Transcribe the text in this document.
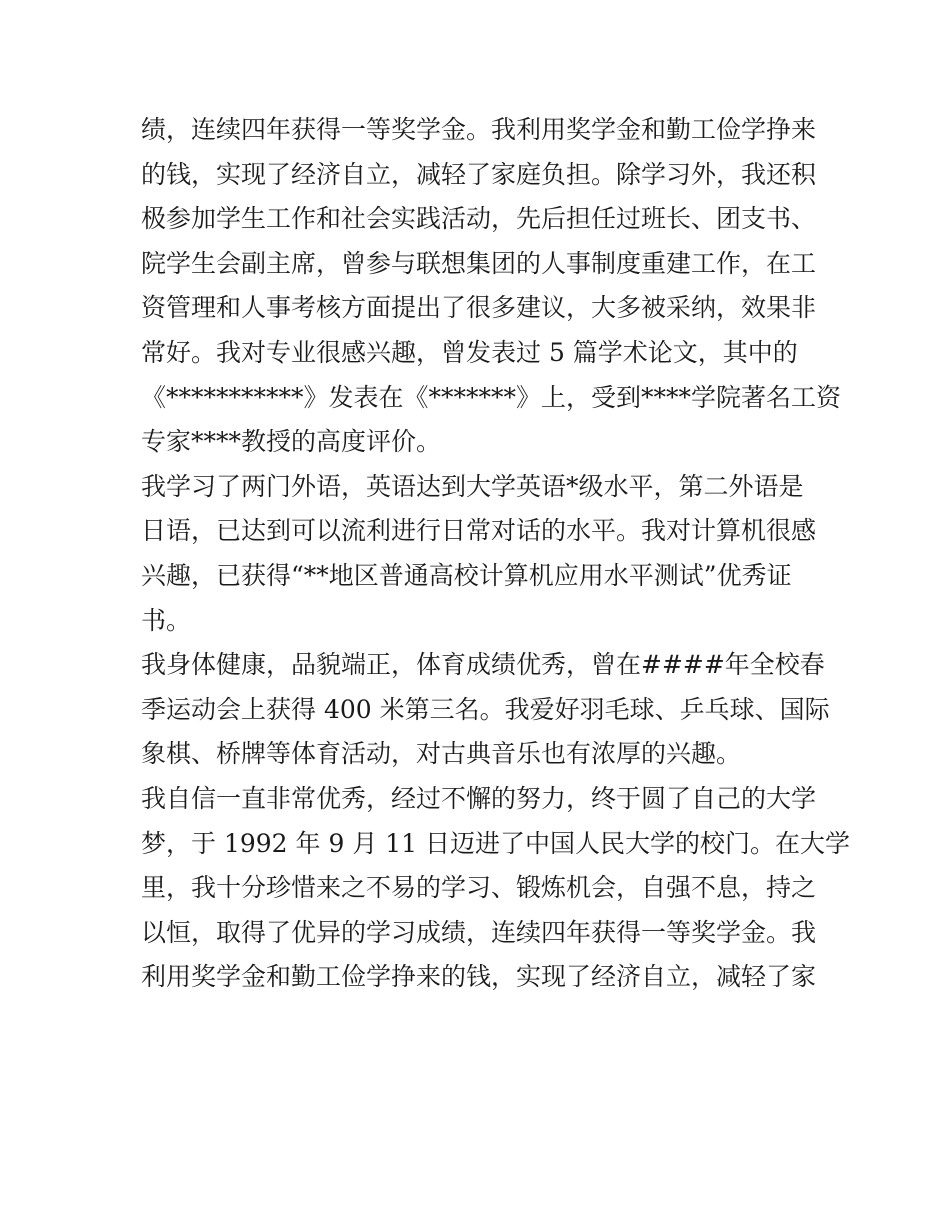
绩，连续四年获得一等奖学金。我利用奖学金和勤工俭学挣来
的钱，实现了经济自立，减轻了家庭负担。除学习外，我还积
极参加学生工作和社会实践活动，先后担任过班长、团支书、
院学生会副主席，曾参与联想集团的人事制度重建工作，在工
资管理和人事考核方面提出了很多建议，大多被采纳，效果非
常好。我对专业很感兴趣，曾发表过 5 篇学术论文，其中的
《***********》发表在《*******》上，受到****学院著名工资
专家****教授的高度评价。
我学习了两门外语，英语达到大学英语*级水平，第二外语是
日语，已达到可以流利进行日常对话的水平。我对计算机很感
兴趣，已获得“**地区普通高校计算机应用水平测试”优秀证
书。
我身体健康，品貌端正，体育成绩优秀，曾在####年全校春
季运动会上获得 400 米第三名。我爱好羽毛球、乒乓球、国际
象棋、桥牌等体育活动，对古典音乐也有浓厚的兴趣。
我自信一直非常优秀，经过不懈的努力，终于圆了自己的大学
梦，于 1992 年 9 月 11 日迈进了中国人民大学的校门。在大学
里，我十分珍惜来之不易的学习、锻炼机会，自强不息，持之
以恒，取得了优异的学习成绩，连续四年获得一等奖学金。我
利用奖学金和勤工俭学挣来的钱，实现了经济自立，减轻了家
